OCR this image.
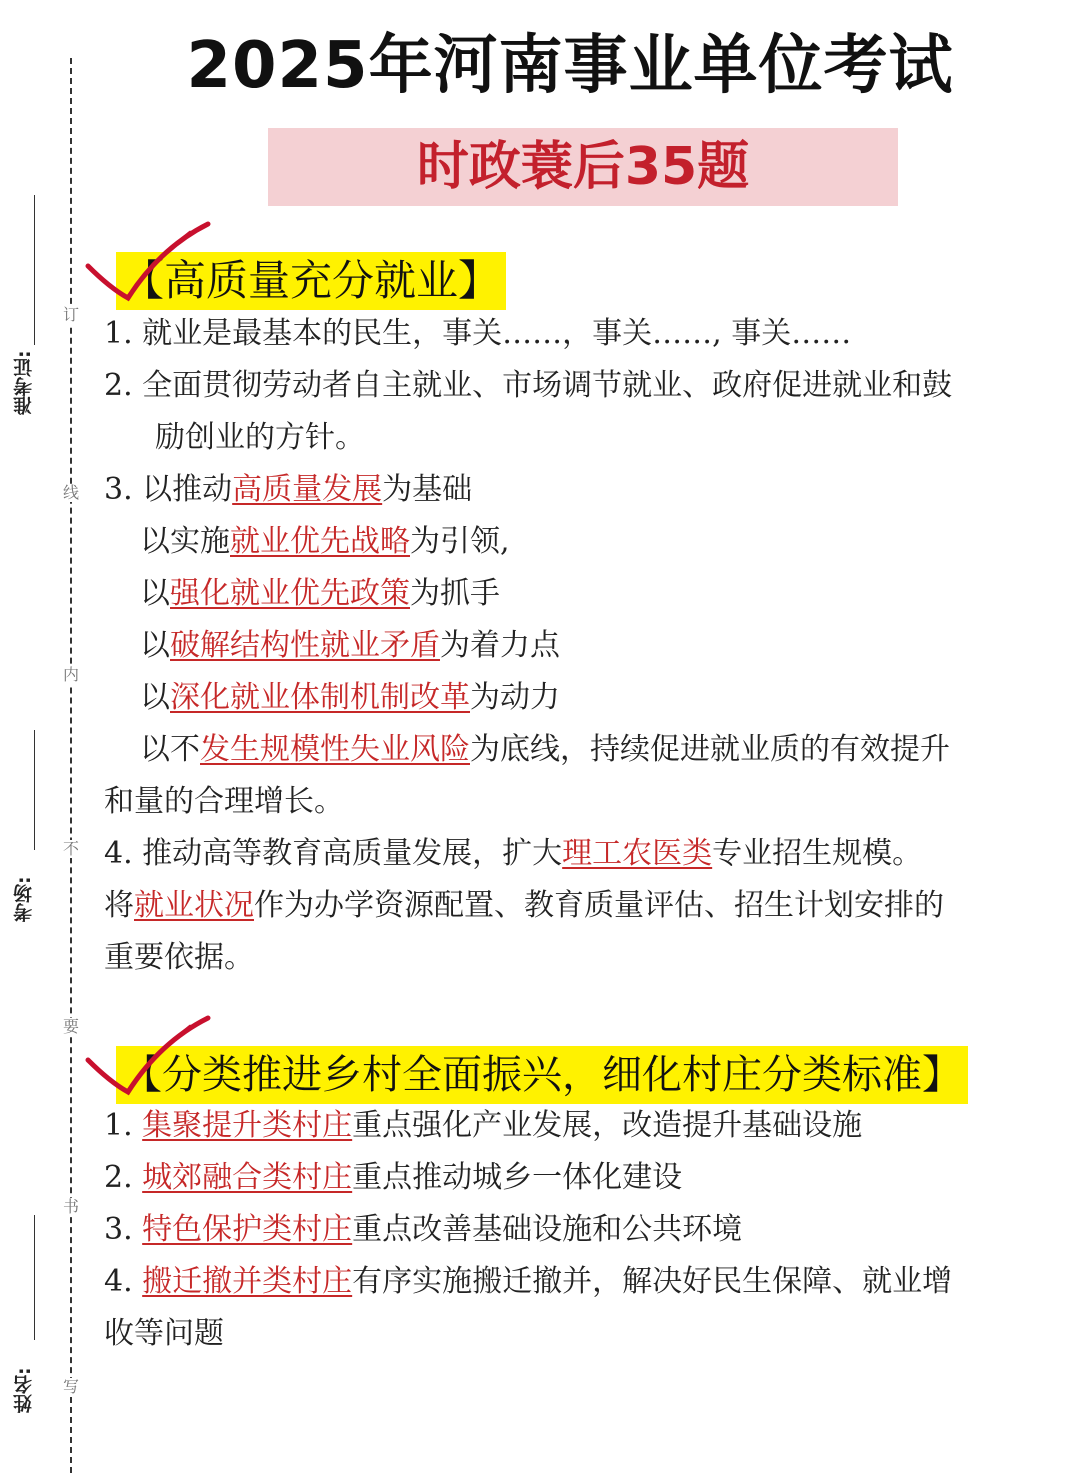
订
线
内
不
要
书
写
准考证:
考场:
姓名:
2025年河南事业单位考试
时政蓑后35题
【高质量充分就业】
1. 就业是最基本的民生，事关……，事关……, 事关……
2. 全面贯彻劳动者自主就业、市场调节就业、政府促进就业和鼓
励创业的方针。
3. 以推动高质量发展为基础
以实施就业优先战略为引领,
以强化就业优先政策为抓手
以破解结构性就业矛盾为着力点
以深化就业体制机制改革为动力
以不发生规模性失业风险为底线，持续促进就业质的有效提升
和量的合理增长。
4. 推动高等教育高质量发展，扩大理工农医类专业招生规模。
将就业状况作为办学资源配置、教育质量评估、招生计划安排的
重要依据。
【分类推进乡村全面振兴，细化村庄分类标准】
1. 集聚提升类村庄重点强化产业发展，改造提升基础设施
2. 城郊融合类村庄重点推动城乡一体化建设
3. 特色保护类村庄重点改善基础设施和公共环境
4. 搬迁撤并类村庄有序实施搬迁撤并，解决好民生保障、就业增
收等问题
